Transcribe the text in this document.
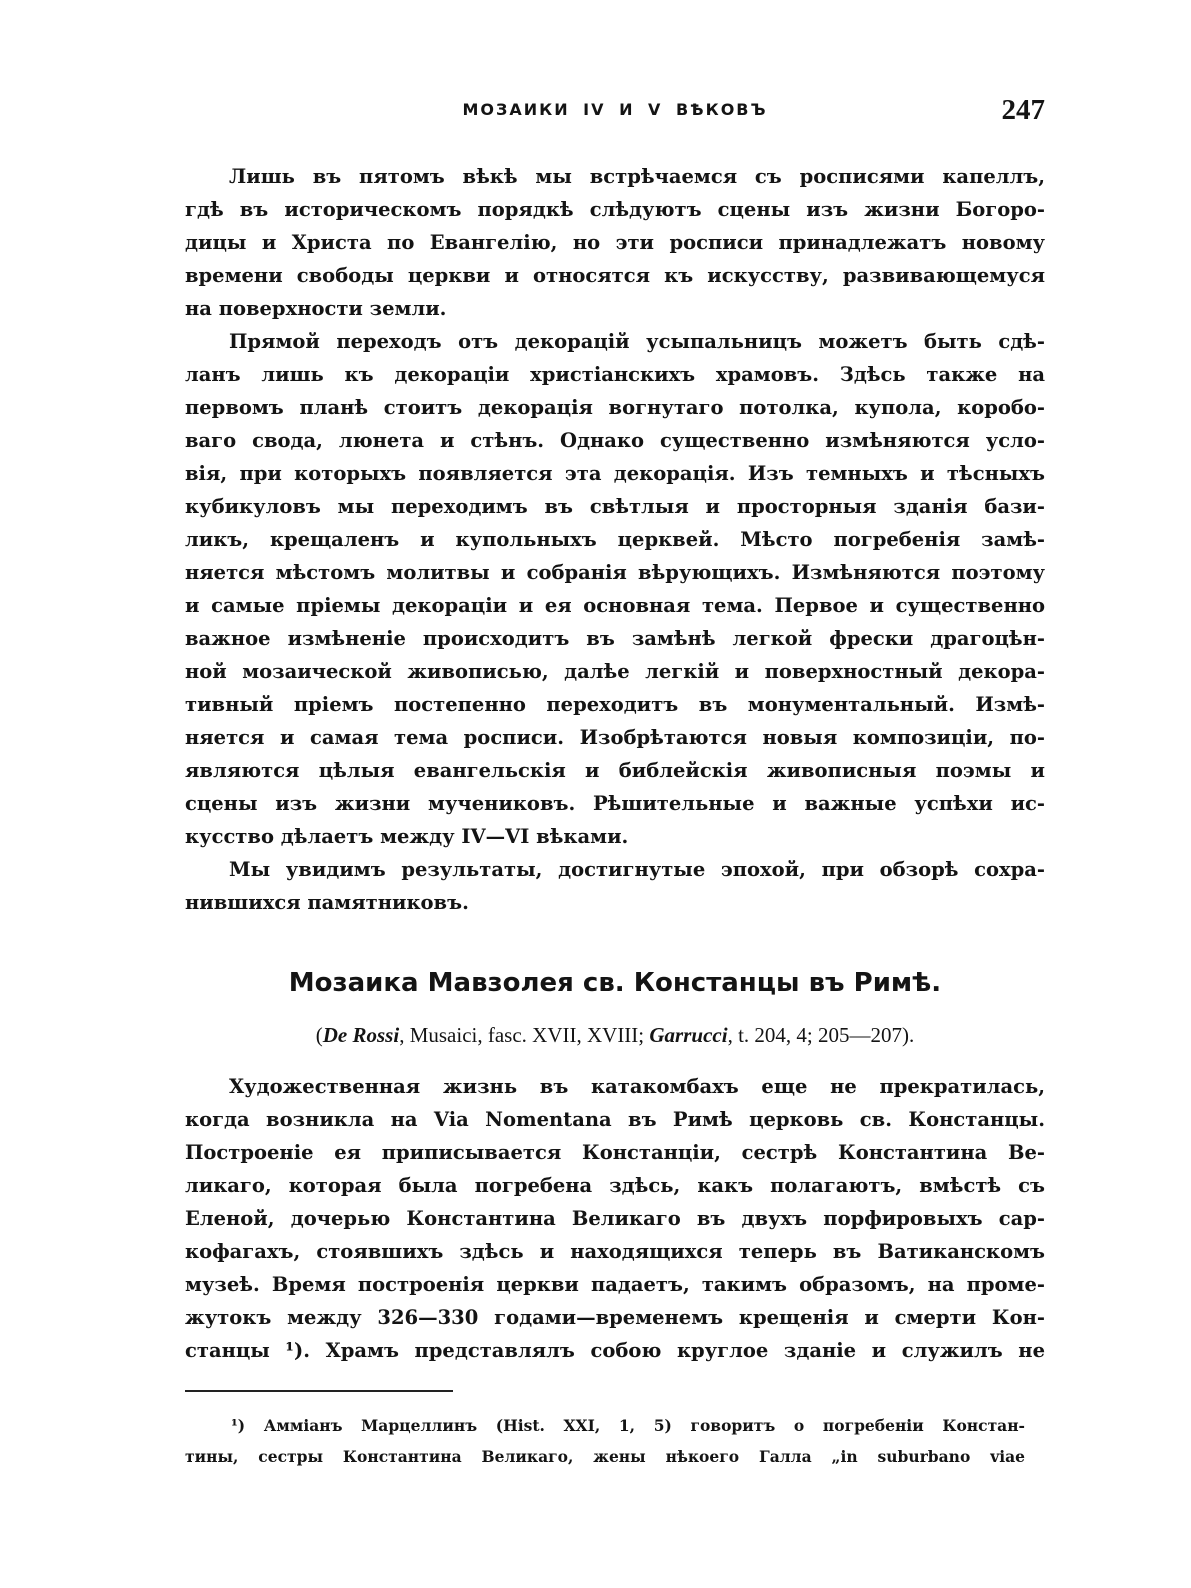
МОЗАИКИ IV И V ВѢКОВЪ	247
Лишь въ пятомъ вѣкѣ мы встрѣчаемся съ росписями капеллъ,
гдѣ въ историческомъ порядкѣ слѣдуютъ сцены изъ жизни Богоро-
дицы и Христа по Евангелію, но эти росписи принадлежатъ новому
времени свободы церкви и относятся къ искусству, развивающемуся
на поверхности земли.
Прямой переходъ отъ декорацій усыпальницъ можетъ быть сдѣ-
ланъ лишь къ декораціи христіанскихъ храмовъ. Здѣсь также на
первомъ планѣ стоитъ декорація вогнутаго потолка, купола, коробо-
ваго свода, люнета и стѣнъ. Однако существенно измѣняются усло-
вія, при которыхъ появляется эта декорація. Изъ темныхъ и тѣсныхъ
кубикуловъ мы переходимъ въ свѣтлыя и просторныя зданія бази-
ликъ, крещаленъ и купольныхъ церквей. Мѣсто погребенія замѣ-
няется мѣстомъ молитвы и собранія вѣрующихъ. Измѣняются поэтому
и самые пріемы декораціи и ея основная тема. Первое и существенно
важное измѣненіе происходитъ въ замѣнѣ легкой фрески драгоцѣн-
ной мозаической живописью, далѣе легкій и поверхностный декора-
тивный пріемъ постепенно переходитъ въ монументальный. Измѣ-
няется и самая тема росписи. Изобрѣтаются новыя композиціи, по-
являются цѣлыя евангельскія и библейскія живописныя поэмы и
сцены изъ жизни мучениковъ. Рѣшительные и важные успѣхи ис-
кусство дѣлаетъ между IV—VI вѣками.
Мы увидимъ результаты, достигнутые эпохой, при обзорѣ сохра-
нившихся памятниковъ.
Мозаика Мавзолея св. Констанцы въ Римѣ.
(De Rossi, Musaici, fasc. XVII, XVIII; Garrucci, t. 204, 4; 205—207).
Художественная жизнь въ катакомбахъ еще не прекратилась,
когда возникла на Via Nomentana въ Римѣ церковь св. Констанцы.
Построеніе ея приписывается Констанціи, сестрѣ Константина Ве-
ликаго, которая была погребена здѣсь, какъ полагаютъ, вмѣстѣ съ
Еленой, дочерью Константина Великаго въ двухъ порфировыхъ сар-
кофагахъ, стоявшихъ здѣсь и находящихся теперь въ Ватиканскомъ
музеѣ. Время построенія церкви падаетъ, такимъ образомъ, на проме-
жутокъ между 326—330 годами—временемъ крещенія и смерти Кон-
станцы ¹). Храмъ представлялъ собою круглое зданіе и служилъ не
¹) Амміанъ Марцеллинъ (Hist. XXI, 1, 5) говоритъ о погребеніи Констан-
тины, сестры Константина Великаго, жены нѣкоего Галла „in suburbano viae
